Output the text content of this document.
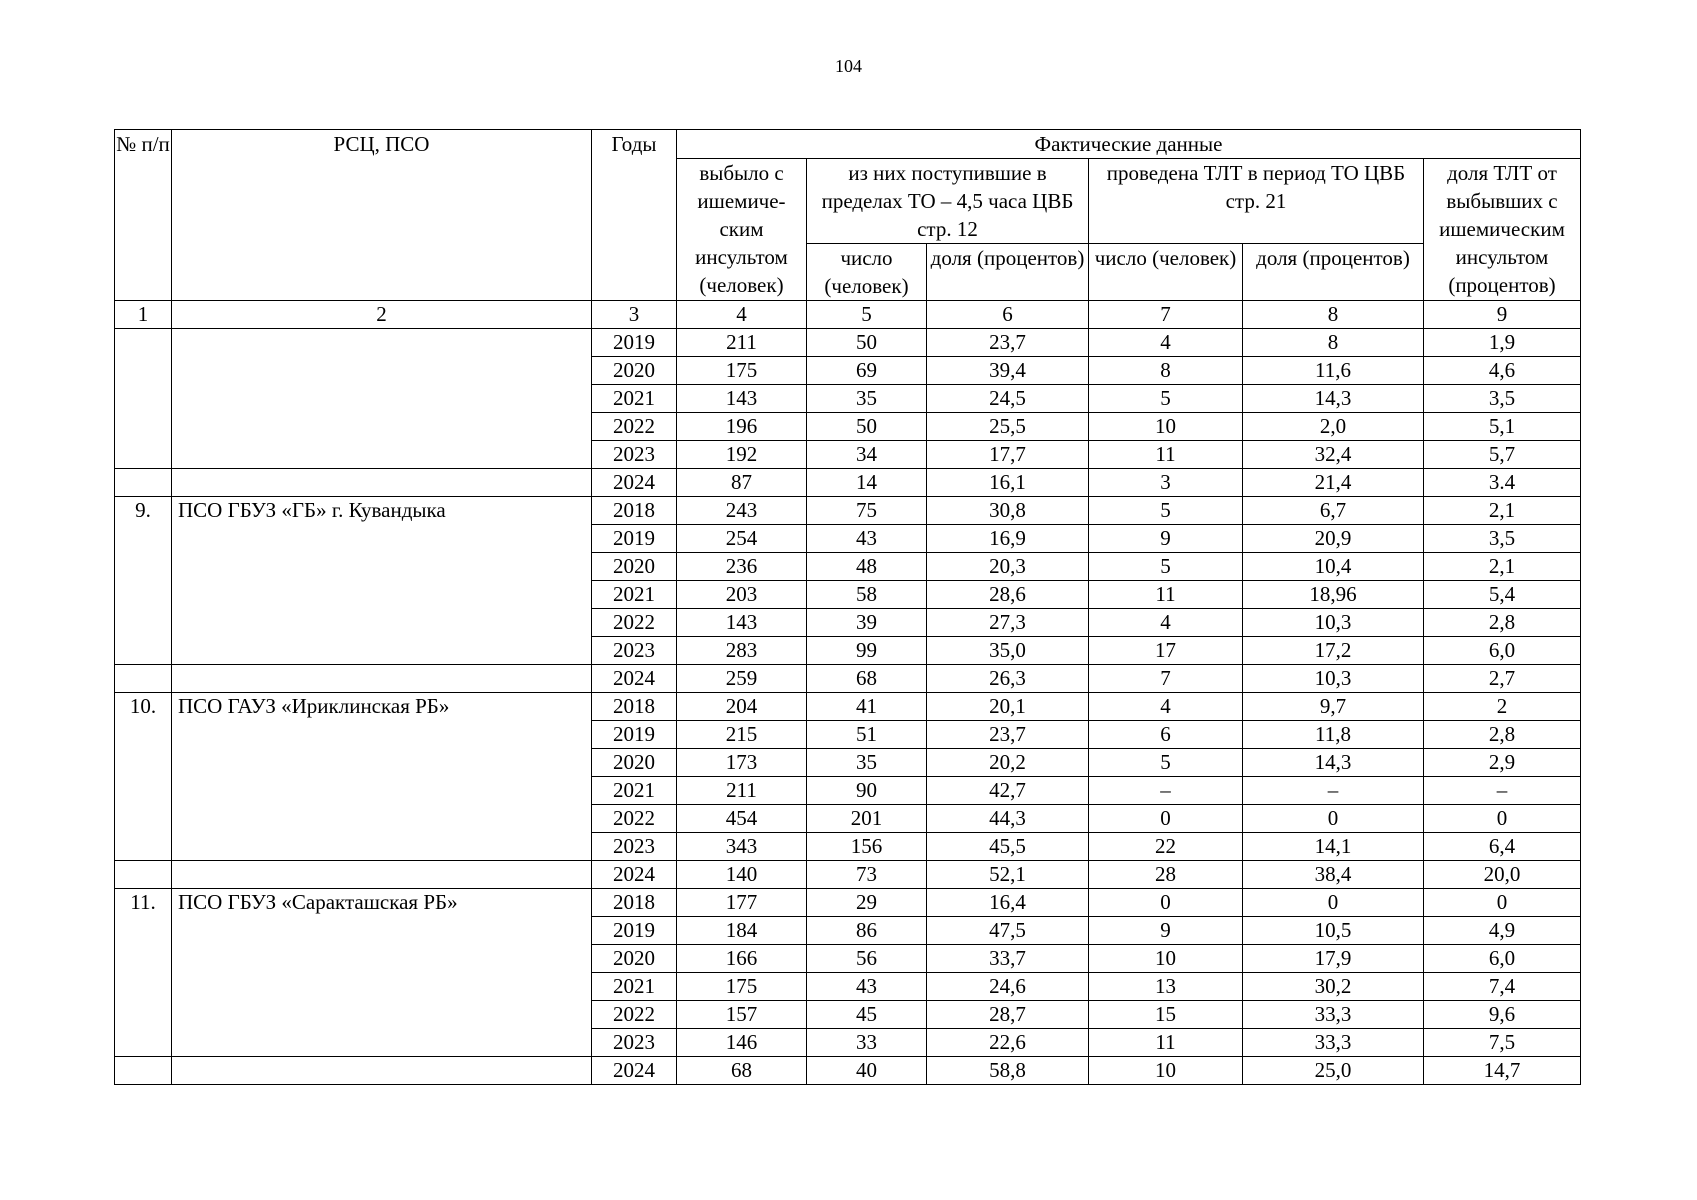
104
№ п/п	РСЦ, ПСО	Годы	Фактические данные					
			выбыло с ишемиче-ским инсультом (человек)	из них поступившие в пределах ТО – 4,5 часа ЦВБ стр. 12		проведена ТЛТ в период ТО ЦВБ стр. 21		доля ТЛТ от выбывших с ишемическим инсультом (процентов)
				число (человек)	доля (процентов)	число (человек)	доля (процентов)	
1	2	3	4	5	6	7	8	9
		2019	211	50	23,7	4	8	1,9
		2020	175	69	39,4	8	11,6	4,6
		2021	143	35	24,5	5	14,3	3,5
		2022	196	50	25,5	10	2,0	5,1
		2023	192	34	17,7	11	32,4	5,7
		2024	87	14	16,1	3	21,4	3.4
9.	ПСО ГБУЗ «ГБ» г. Кувандыка	2018	243	75	30,8	5	6,7	2,1
		2019	254	43	16,9	9	20,9	3,5
		2020	236	48	20,3	5	10,4	2,1
		2021	203	58	28,6	11	18,96	5,4
		2022	143	39	27,3	4	10,3	2,8
		2023	283	99	35,0	17	17,2	6,0
		2024	259	68	26,3	7	10,3	2,7
10.	ПСО ГАУЗ «Ириклинская РБ»	2018	204	41	20,1	4	9,7	2
		2019	215	51	23,7	6	11,8	2,8
		2020	173	35	20,2	5	14,3	2,9
		2021	211	90	42,7	–	–	–
		2022	454	201	44,3	0	0	0
		2023	343	156	45,5	22	14,1	6,4
		2024	140	73	52,1	28	38,4	20,0
11.	ПСО ГБУЗ «Саракташская РБ»	2018	177	29	16,4	0	0	0
		2019	184	86	47,5	9	10,5	4,9
		2020	166	56	33,7	10	17,9	6,0
		2021	175	43	24,6	13	30,2	7,4
		2022	157	45	28,7	15	33,3	9,6
		2023	146	33	22,6	11	33,3	7,5
		2024	68	40	58,8	10	25,0	14,7
